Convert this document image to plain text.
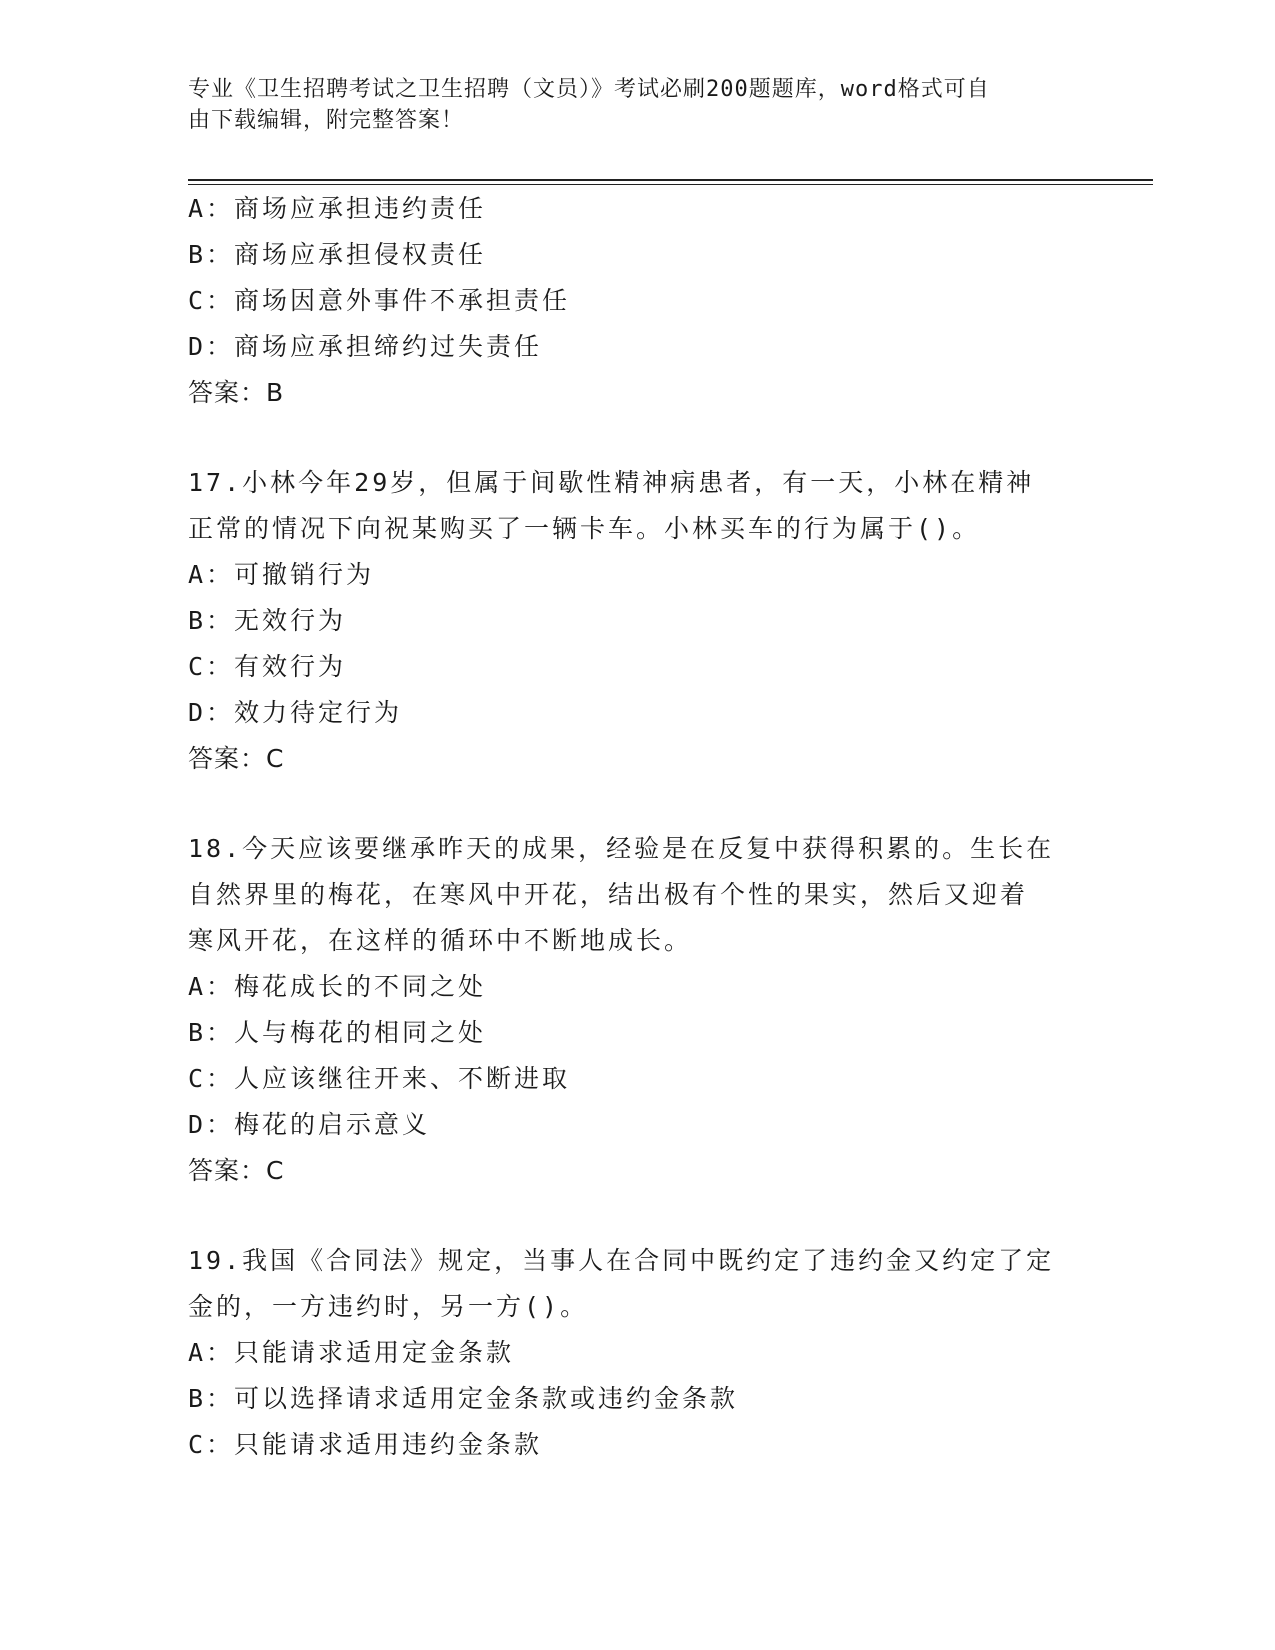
专业《卫生招聘考试之卫生招聘（文员）》考试必刷200题题库，word格式可自
由下载编辑，附完整答案！
A：商场应承担违约责任
B：商场应承担侵权责任
C：商场因意外事件不承担责任
D：商场应承担缔约过失责任
答案：B
17.小林今年29岁，但属于间歇性精神病患者，有一天，小林在精神
正常的情况下向祝某购买了一辆卡车。小林买车的行为属于()。
A：可撤销行为
B：无效行为
C：有效行为
D：效力待定行为
答案：C
18.今天应该要继承昨天的成果，经验是在反复中获得积累的。生长在
自然界里的梅花，在寒风中开花，结出极有个性的果实，然后又迎着
寒风开花，在这样的循环中不断地成长。
A：梅花成长的不同之处
B：人与梅花的相同之处
C：人应该继往开来、不断进取
D：梅花的启示意义
答案：C
19.我国《合同法》规定，当事人在合同中既约定了违约金又约定了定
金的，一方违约时，另一方()。
A：只能请求适用定金条款
B：可以选择请求适用定金条款或违约金条款
C：只能请求适用违约金条款
